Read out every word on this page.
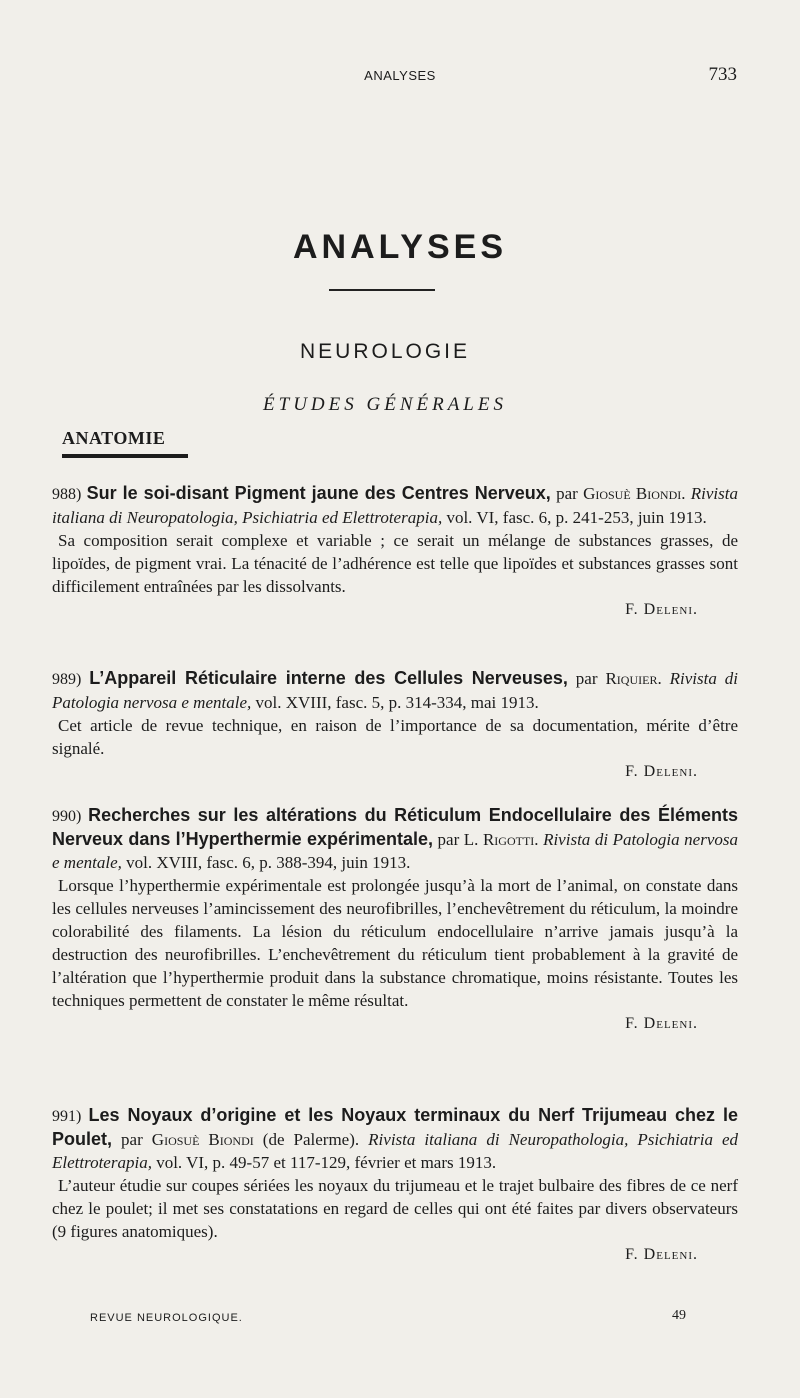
ANALYSES	733
ANALYSES
NEUROLOGIE
ÉTUDES GÉNÉRALES
ANATOMIE
988) Sur le soi-disant Pigment jaune des Centres Nerveux, par Giosuè Biondi. Rivista italiana di Neuropatologia, Psichiatria ed Elettroterapia, vol. VI, fasc. 6, p. 241-253, juin 1913.
Sa composition serait complexe et variable ; ce serait un mélange de substances grasses, de lipoïdes, de pigment vrai. La ténacité de l’adhérence est telle que lipoïdes et substances grasses sont difficilement entraînées par les dissolvants.
F. Deleni.
989) L’Appareil Réticulaire interne des Cellules Nerveuses, par Riquier. Rivista di Patologia nervosa e mentale, vol. XVIII, fasc. 5, p. 314-334, mai 1913.
Cet article de revue technique, en raison de l’importance de sa documentation, mérite d’être signalé.
F. Deleni.
990) Recherches sur les altérations du Réticulum Endocellulaire des Éléments Nerveux dans l’Hyperthermie expérimentale, par L. Rigotti. Rivista di Patologia nervosa e mentale, vol. XVIII, fasc. 6, p. 388-394, juin 1913.
Lorsque l’hyperthermie expérimentale est prolongée jusqu’à la mort de l’animal, on constate dans les cellules nerveuses l’amincissement des neurofibrilles, l’enchevêtrement du réticulum, la moindre colorabilité des filaments. La lésion du réticulum endocellulaire n’arrive jamais jusqu’à la destruction des neurofibrilles. L’enchevêtrement du réticulum tient probablement à la gravité de l’altération que l’hyperthermie produit dans la substance chromatique, moins résistante. Toutes les techniques permettent de constater le même résultat.
F. Deleni.
991) Les Noyaux d’origine et les Noyaux terminaux du Nerf Trijumeau chez le Poulet, par Giosuè Biondi (de Palerme). Rivista italiana di Neuropathologia, Psichiatria ed Elettroterapia, vol. VI, p. 49-57 et 117-129, février et mars 1913.
L’auteur étudie sur coupes sériées les noyaux du trijumeau et le trajet bulbaire des fibres de ce nerf chez le poulet; il met ses constatations en regard de celles qui ont été faites par divers observateurs (9 figures anatomiques).
F. Deleni.
REVUE NEUROLOGIQUE.	49
